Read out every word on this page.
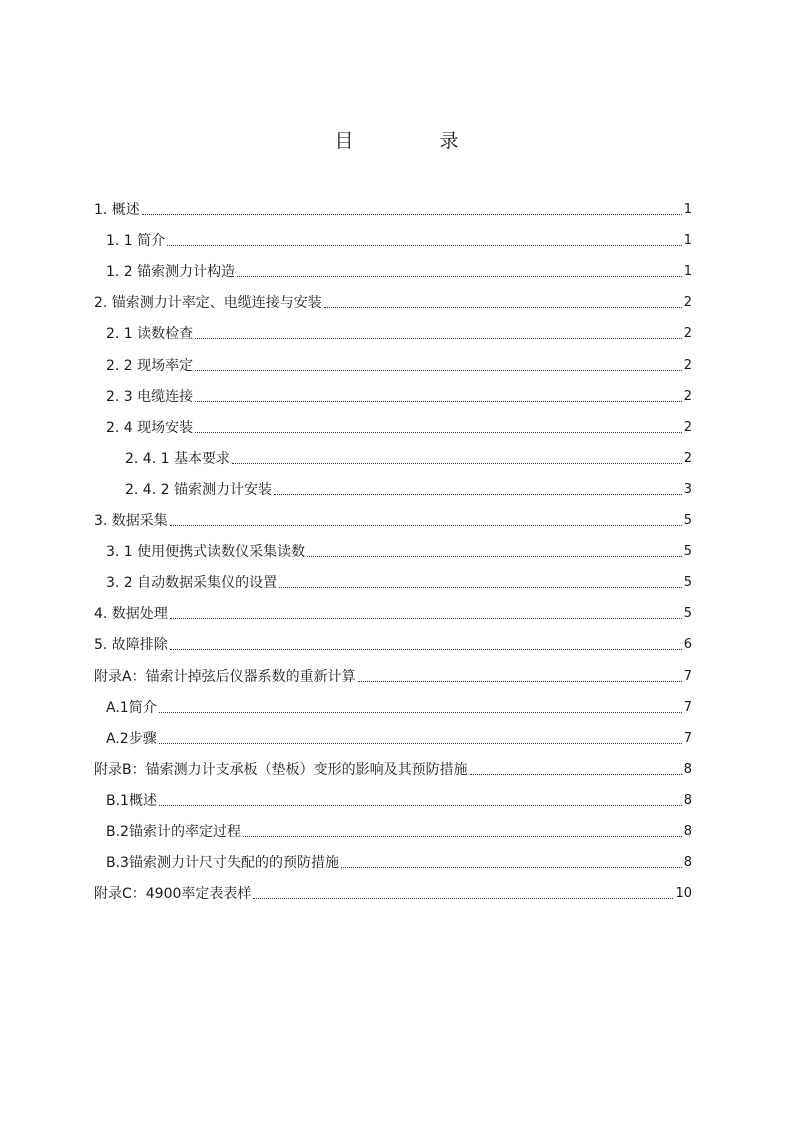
目 录
1. 概述	1
1. 1 简介	1
1. 2 锚索测力计构造	1
2. 锚索测力计率定、电缆连接与安装	2
2. 1 读数检查	2
2. 2 现场率定	2
2. 3 电缆连接	2
2. 4 现场安装	2
2. 4. 1 基本要求	2
2. 4. 2 锚索测力计安装	3
3. 数据采集	5
3. 1 使用便携式读数仪采集读数	5
3. 2 自动数据采集仪的设置	5
4. 数据处理	5
5. 故障排除	6
附录A：锚索计掉弦后仪器系数的重新计算	7
A.1简介	7
A.2步骤	7
附录B：锚索测力计支承板（垫板）变形的影响及其预防措施	8
B.1概述	8
B.2锚索计的率定过程	8
B.3锚索测力计尺寸失配的的预防措施	8
附录C：4900率定表表样	10
